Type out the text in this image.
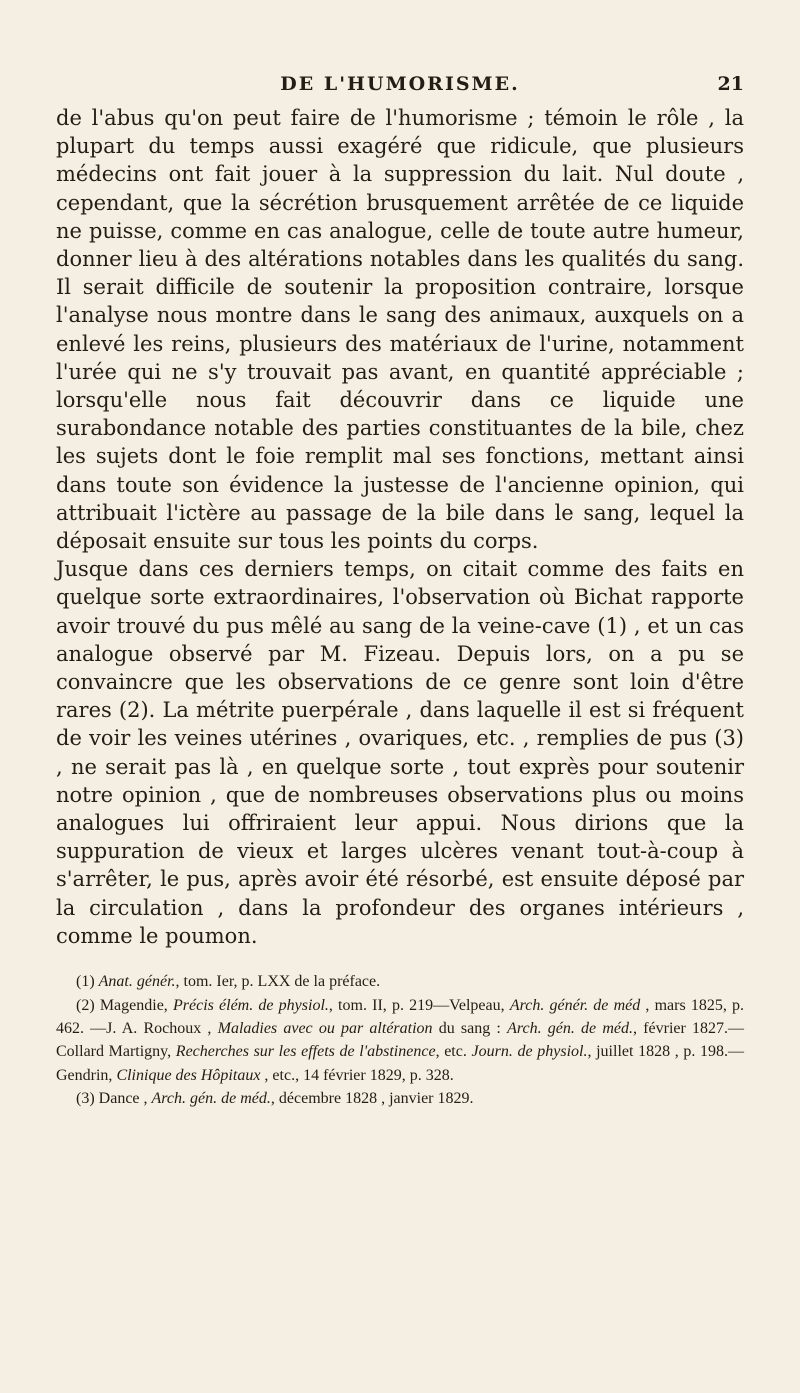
DE L'HUMORISME.	21

de l'abus qu'on peut faire de l'humorisme ; témoin le rôle , la plupart du temps aussi exagéré que ridicule, que plusieurs médecins ont fait jouer à la suppression du lait. Nul doute , cependant, que la sécrétion brusquement arrêtée de ce liquide ne puisse, comme en cas analogue, celle de toute autre humeur, donner lieu à des altérations notables dans les qualités du sang. Il serait difficile de soutenir la proposition contraire, lorsque l'analyse nous montre dans le sang des animaux, auxquels on a enlevé les reins, plusieurs des matériaux de l'urine, notamment l'urée qui ne s'y trouvait pas avant, en quantité appréciable ; lorsqu'elle nous fait découvrir dans ce liquide une surabondance notable des parties constituantes de la bile, chez les sujets dont le foie remplit mal ses fonctions, mettant ainsi dans toute son évidence la justesse de l'ancienne opinion, qui attribuait l'ictère au passage de la bile dans le sang, lequel la déposait ensuite sur tous les points du corps.

Jusque dans ces derniers temps, on citait comme des faits en quelque sorte extraordinaires, l'observation où Bichat rapporte avoir trouvé du pus mêlé au sang de la veine-cave (1) , et un cas analogue observé par M. Fizeau. Depuis lors, on a pu se convaincre que les observations de ce genre sont loin d'être rares (2). La métrite puerpérale , dans laquelle il est si fréquent de voir les veines utérines , ovariques, etc. , remplies de pus (3) , ne serait pas là , en quelque sorte , tout exprès pour soutenir notre opinion , que de nombreuses observations plus ou moins analogues lui offriraient leur appui. Nous dirions que la suppuration de vieux et larges ulcères venant tout-à-coup à s'arrêter, le pus, après avoir été résorbé, est ensuite déposé par la circulation , dans la profondeur des organes intérieurs , comme le poumon.

(1) Anat. génér., tom. Ier, p. LXX de la préface.

(2) Magendie, Précis élém. de physiol., tom. II, p. 219—Velpeau, Arch. génér. de méd , mars 1825, p. 462. —J. A. Rochoux , Maladies avec ou par altération du sang : Arch. gén. de méd., février 1827.—Collard Martigny, Recherches sur les effets de l'abstinence, etc. Journ. de physiol., juillet 1828 , p. 198.—Gendrin, Clinique des Hôpitaux , etc., 14 février 1829, p. 328.

(3) Dance , Arch. gén. de méd., décembre 1828 , janvier 1829.
